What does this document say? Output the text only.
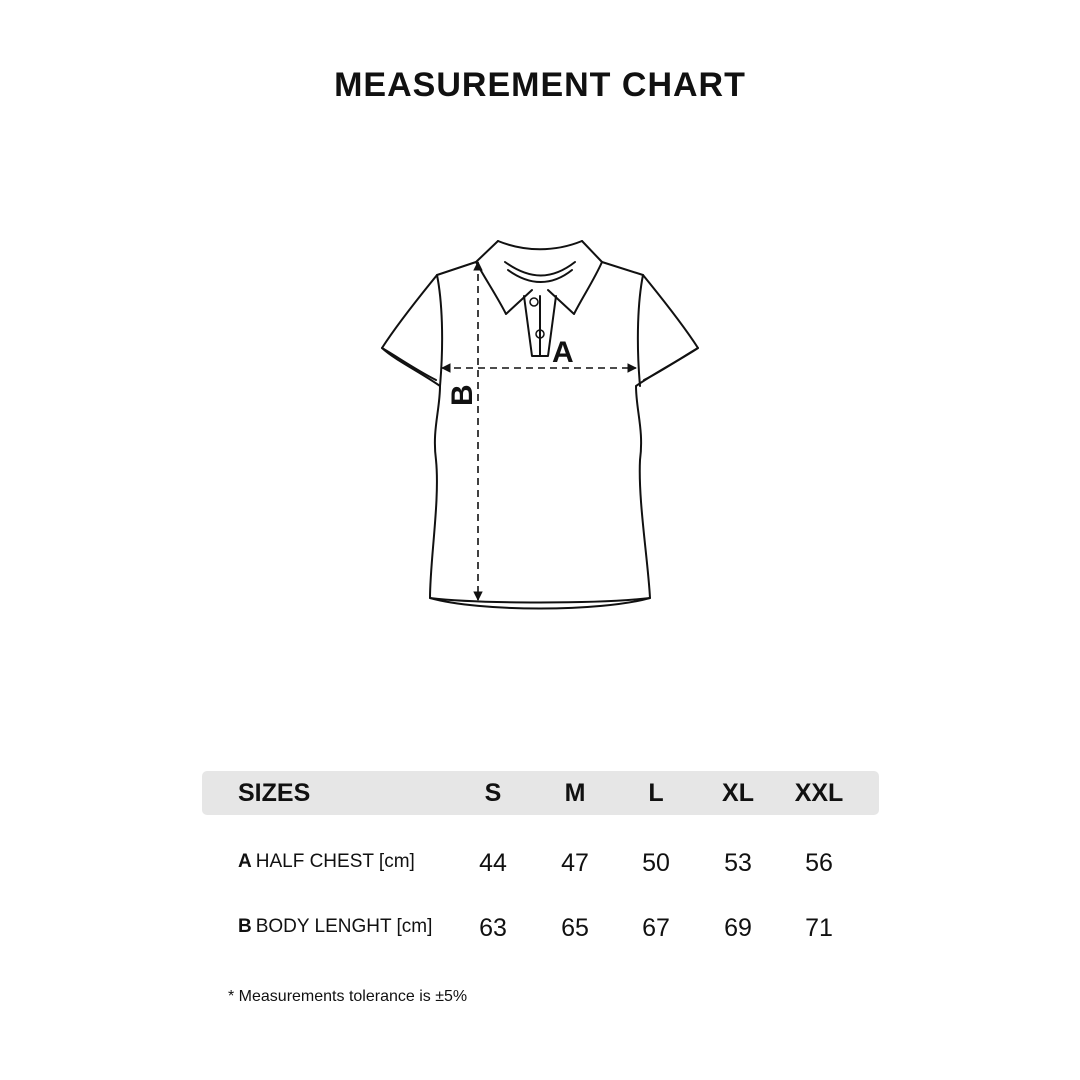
MEASUREMENT CHART
A
B
SIZES	S	M	L	XL	XXL
A HALF CHEST [cm]	44	47	50	53	56
B BODY LENGHT [cm]	63	65	67	69	71
* Measurements tolerance is ±5%
